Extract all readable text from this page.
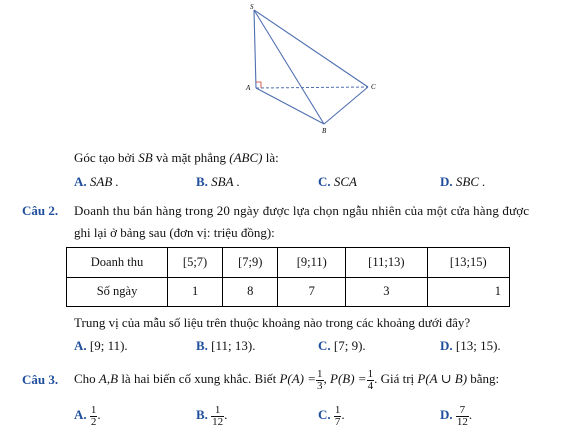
S
A
B
C
Góc tạo bởi SB và mặt phẳng (ABC) là:
A. SAB .	B. SBA .	C. SCA	D. SBC .
Câu 2. Doanh thu bán hàng trong 20 ngày được lựa chọn ngẫu nhiên của một cửa hàng được
ghi lại ở bảng sau (đơn vị: triệu đồng):
Doanh thu	[5;7)	[7;9)	[9;11)	[11;13)	[13;15)
Số ngày	1	8	7	3	1
Trung vị của mẫu số liệu trên thuộc khoảng nào trong các khoảng dưới đây?
A. [9; 11).	B. [11; 13).	C. [7; 9).	D. [13; 15).
Câu 3. Cho A,B là hai biến cố xung khắc. Biết $P(A) = \frac{1}{3}$ , $P(B) = \frac{1}{4}$ . Giá trị P(A ∪ B) bằng:
A. $\frac{1}{2}$ .	B. $\frac{1}{12}$ .	C. $\frac{1}{7}$ .	D. $\frac{7}{12}$ .
